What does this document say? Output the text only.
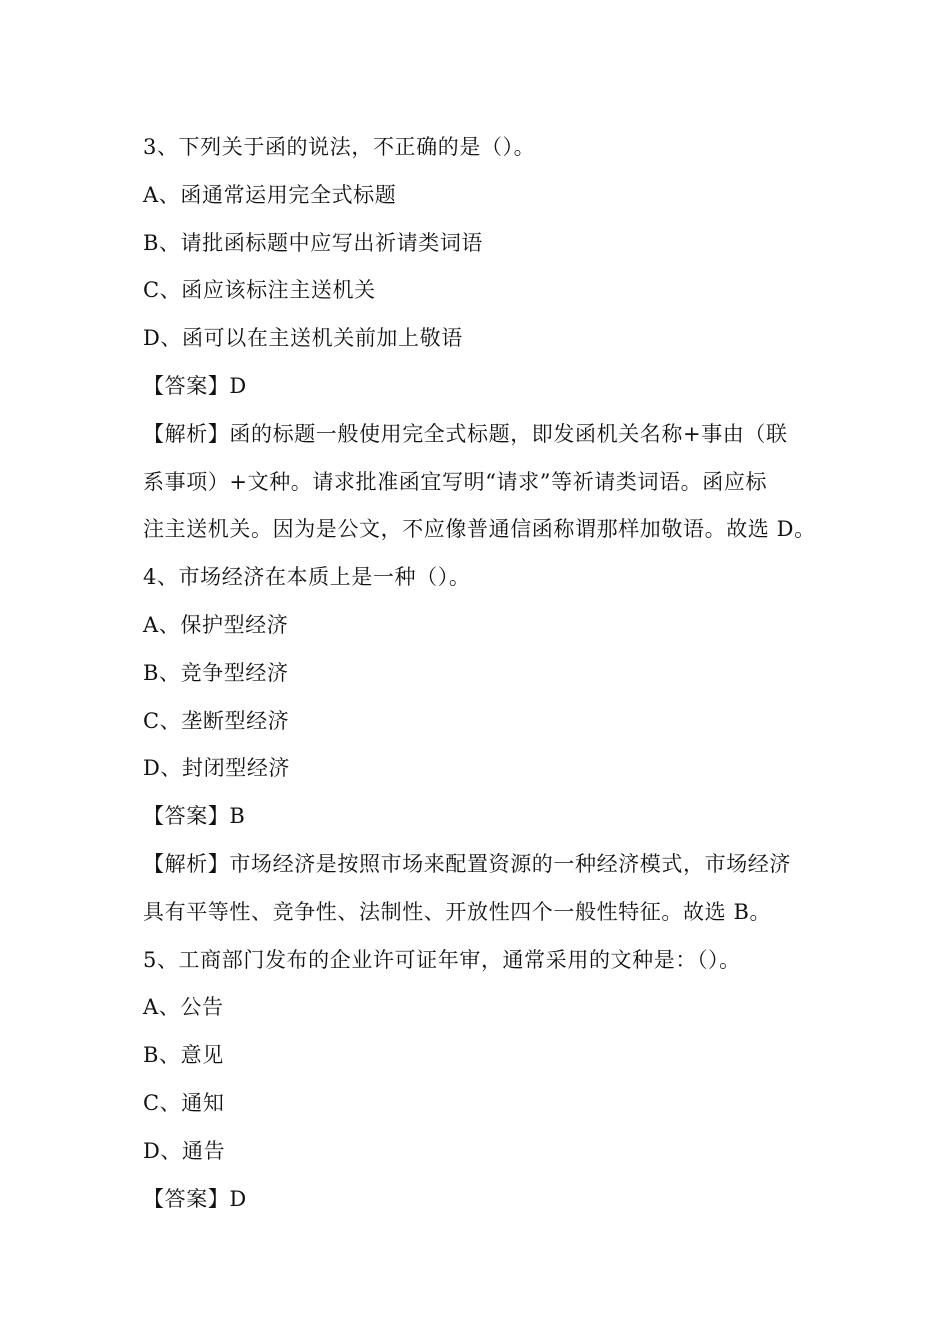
3、下列关于函的说法，不正确的是（）。
A、函通常运用完全式标题
B、请批函标题中应写出祈请类词语
C、函应该标注主送机关
D、函可以在主送机关前加上敬语
【答案】D
【解析】函的标题一般使用完全式标题，即发函机关名称+事由（联
系事项）+文种。请求批准函宜写明“请求”等祈请类词语。函应标
注主送机关。因为是公文，不应像普通信函称谓那样加敬语。故选 D。
4、市场经济在本质上是一种（）。
A、保护型经济
B、竞争型经济
C、垄断型经济
D、封闭型经济
【答案】B
【解析】市场经济是按照市场来配置资源的一种经济模式，市场经济
具有平等性、竞争性、法制性、开放性四个一般性特征。故选 B。
5、工商部门发布的企业许可证年审，通常采用的文种是：（）。
A、公告
B、意见
C、通知
D、通告
【答案】D
